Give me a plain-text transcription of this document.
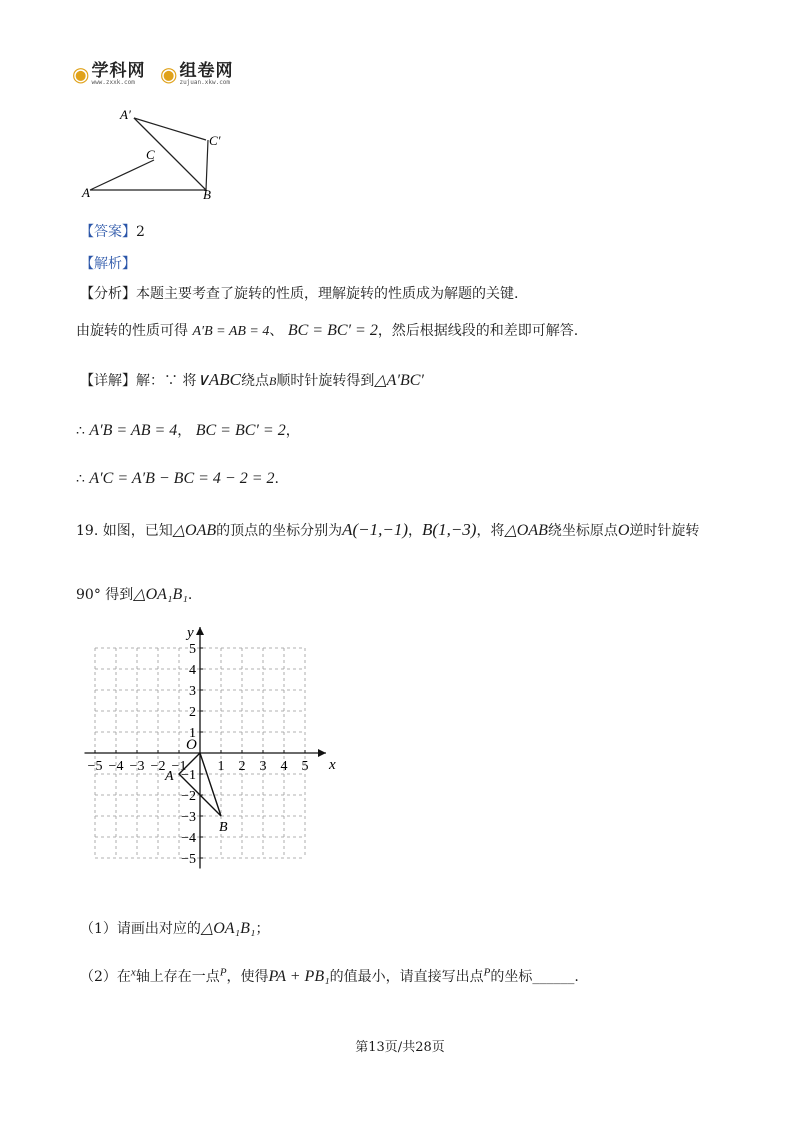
◉ 学科网
www.zxxk.com	◉ 组卷网
zujuan.xkw.com
A′
C′
C
A	B
【答案】2
【解析】
【分析】本题主要考查了旋转的性质，理解旋转的性质成为解题的关键.
由旋转的性质可得 A′B = AB = 4、 BC = BC′ = 2，然后根据线段的和差即可解答.
【详解】解：∵ 将∨ABC绕点B顺时针旋转得到△A′BC′
∴ A′B = AB = 4， BC = BC′ = 2，
∴ A′C = A′B − BC = 4 − 2 = 2.
19. 如图，已知△OAB的顶点的坐标分别为A(−1,−1)，B(1,−3)，将△OAB绕坐标原点O逆时针旋转
90° 得到△OA₁B₁.
−5 −4 −3 −2 −1 1 2 3 4 5
5
4
3
2
1
−1
−2
−3
−4
−5
x
y
O
A
B
（1）请画出对应的△OA₁B₁；
（2）在$^x$轴上存在一点$^P$，使得PA + PB₁的值最小，请直接写出点$^P$的坐标______.
第13页/共28页
